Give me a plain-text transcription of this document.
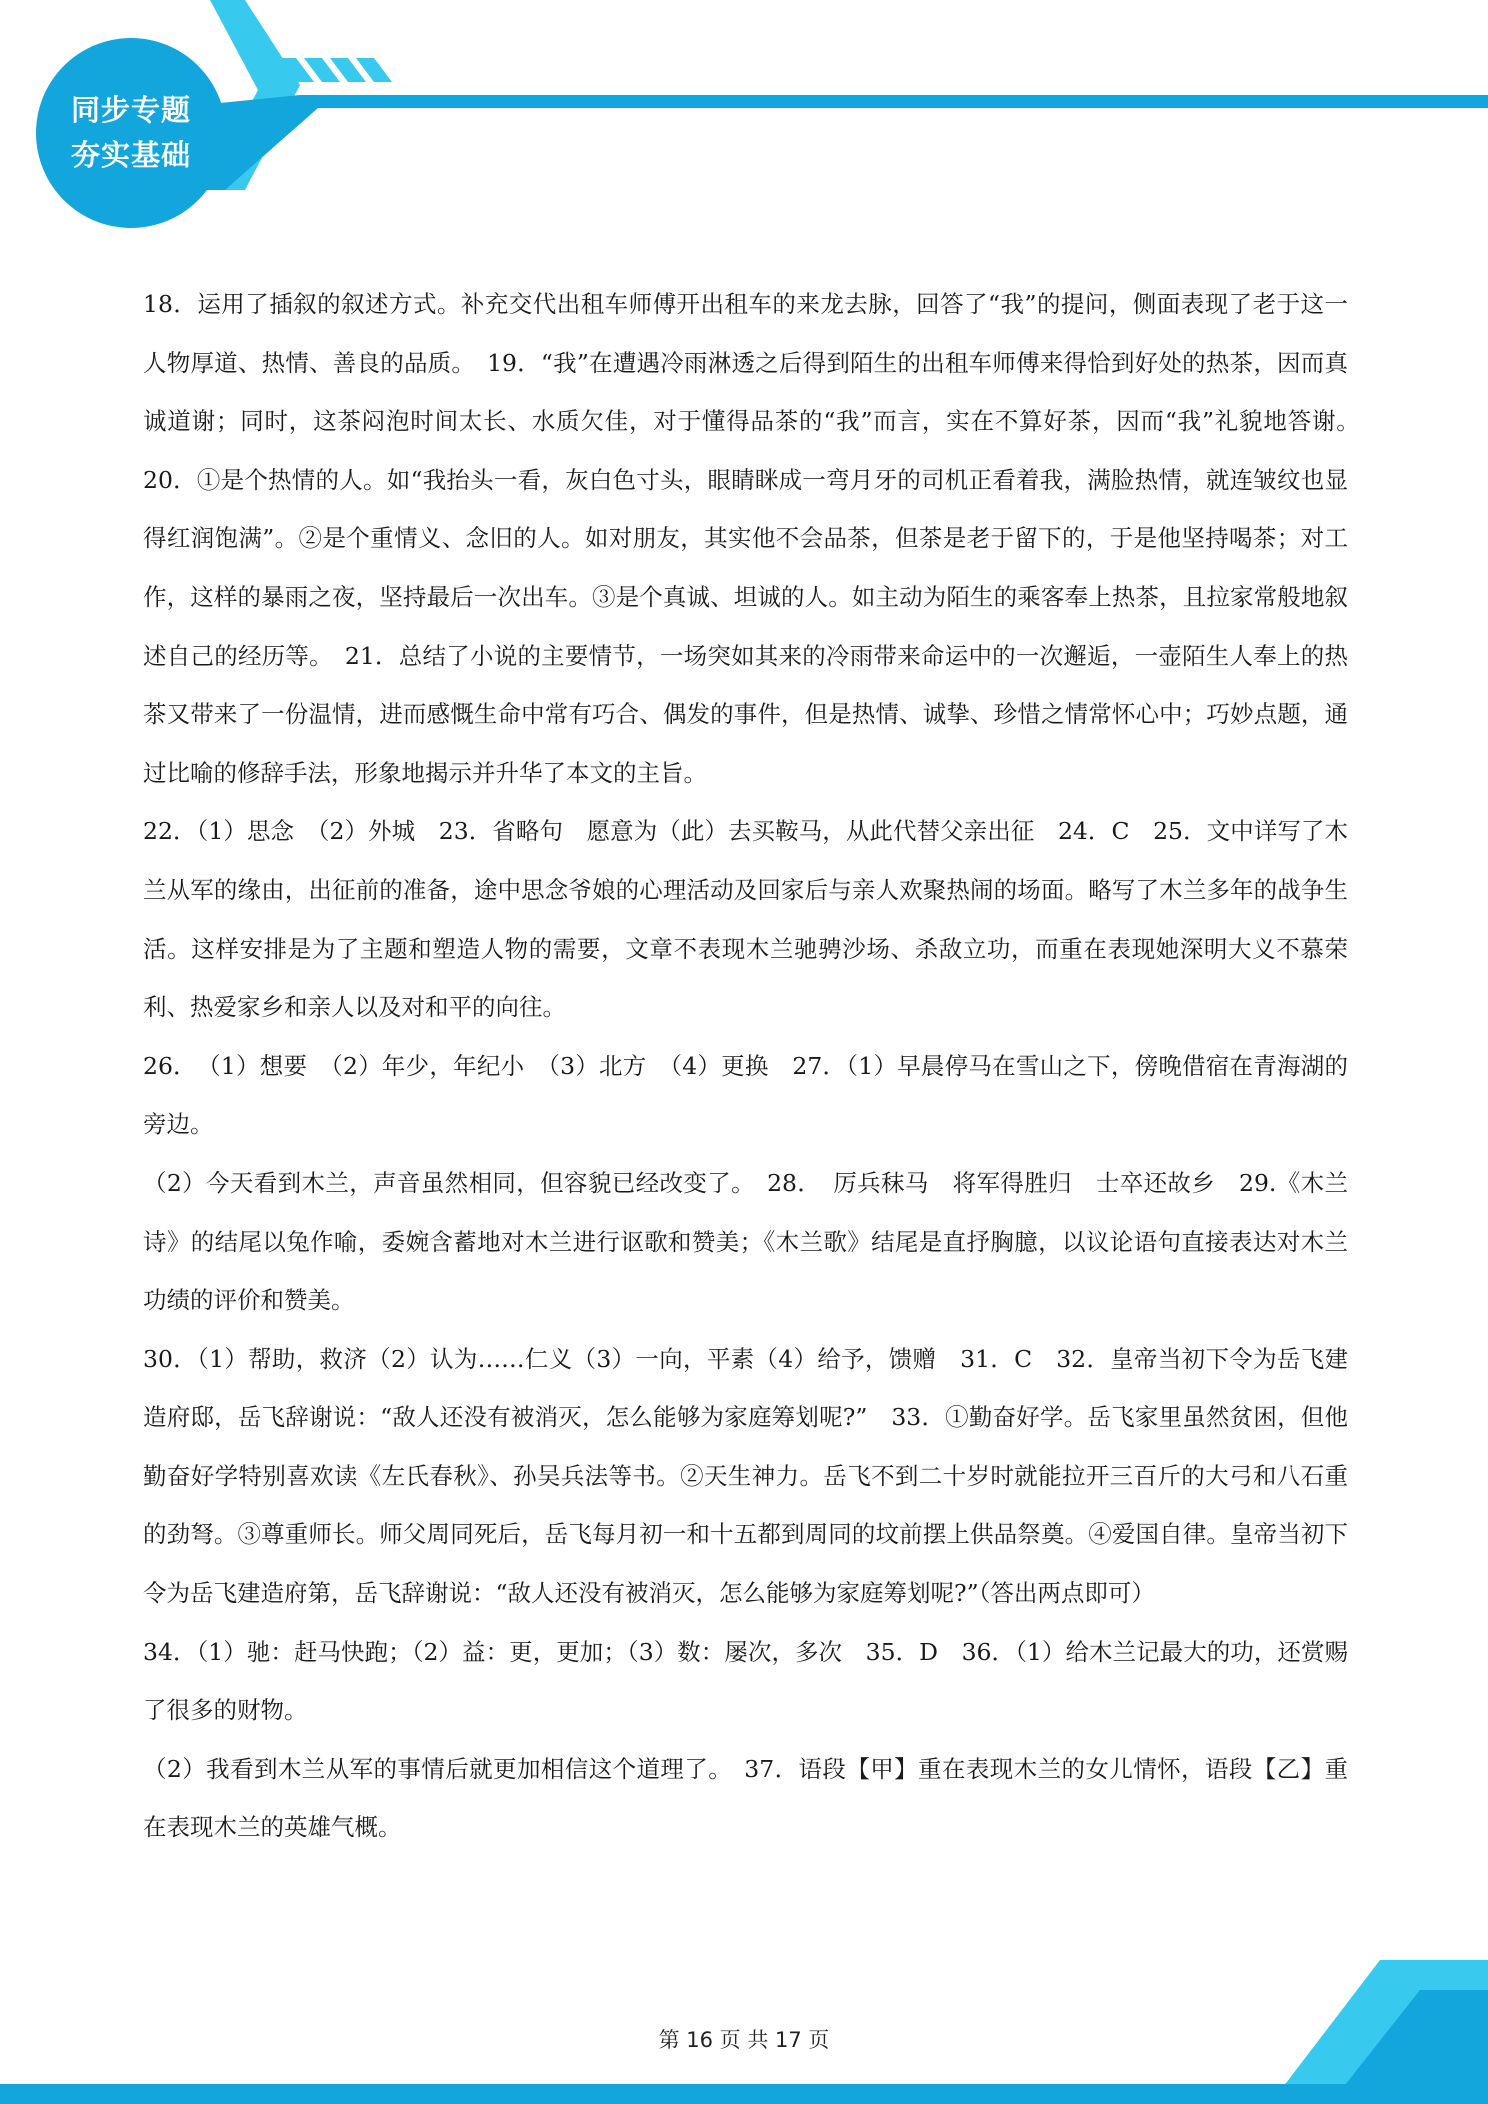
同步专题
夯实基础

18．运用了插叙的叙述方式。补充交代出租车师傅开出租车的来龙去脉，回答了“我”的提问，侧面表现了老于这一人物厚道、热情、善良的品质。　19．“我”在遭遇冷雨淋透之后得到陌生的出租车师傅来得恰到好处的热茶，因而真诚道谢；同时，这茶闷泡时间太长、水质欠佳，对于懂得品茶的“我”而言，实在不算好茶，因而“我”礼貌地答谢。　20．①是个热情的人。如“我抬头一看，灰白色寸头，眼睛眯成一弯月牙的司机正看着我，满脸热情，就连皱纹也显得红润饱满”。②是个重情义、念旧的人。如对朋友，其实他不会品茶，但茶是老于留下的，于是他坚持喝茶；对工作，这样的暴雨之夜，坚持最后一次出车。③是个真诚、坦诚的人。如主动为陌生的乘客奉上热茶，且拉家常般地叙述自己的经历等。　21．总结了小说的主要情节，一场突如其来的冷雨带来命运中的一次邂逅，一壶陌生人奉上的热茶又带来了一份温情，进而感慨生命中常有巧合、偶发的事件，但是热情、诚挚、珍惜之情常怀心中；巧妙点题，通过比喻的修辞手法，形象地揭示并升华了本文的主旨。

22．（1）思念　（2）外城　23．省略句　愿意为（此）去买鞍马，从此代替父亲出征　24．C　25．文中详写了木兰从军的缘由，出征前的准备，途中思念爷娘的心理活动及回家后与亲人欢聚热闹的场面。略写了木兰多年的战争生活。这样安排是为了主题和塑造人物的需要，文章不表现木兰驰骋沙场、杀敌立功，而重在表现她深明大义不慕荣利、热爱家乡和亲人以及对和平的向往。

26．　（1）想要　（2）年少，年纪小　（3）北方　（4）更换　27．（1）早晨停马在雪山之下，傍晚借宿在青海湖的旁边。

（2）今天看到木兰，声音虽然相同，但容貌已经改变了。　28．　厉兵秣马　将军得胜归　士卒还故乡　29.《木兰诗》的结尾以兔作喻，委婉含蓄地对木兰进行讴歌和赞美；《木兰歌》结尾是直抒胸臆，以议论语句直接表达对木兰功绩的评价和赞美。

30．（1）帮助，救济（2）认为……仁义（3）一向，平素（4）给予，馈赠　31．C　32．皇帝当初下令为岳飞建造府邸，岳飞辞谢说：“敌人还没有被消灭，怎么能够为家庭筹划呢?”　33．①勤奋好学。岳飞家里虽然贫困，但他勤奋好学特别喜欢读《左氏春秋》、孙吴兵法等书。②天生神力。岳飞不到二十岁时就能拉开三百斤的大弓和八石重的劲弩。③尊重师长。师父周同死后，岳飞每月初一和十五都到周同的坟前摆上供品祭奠。④爱国自律。皇帝当初下令为岳飞建造府第，岳飞辞谢说：“敌人还没有被消灭，怎么能够为家庭筹划呢?”（答出两点即可）

34．（1）驰：赶马快跑；（2）益：更，更加；（3）数：屡次，多次　35．D　36．（1）给木兰记最大的功，还赏赐了很多的财物。

（2）我看到木兰从军的事情后就更加相信这个道理了。　37．语段【甲】重在表现木兰的女儿情怀，语段【乙】重在表现木兰的英雄气概。

第 16 页 共 17 页
